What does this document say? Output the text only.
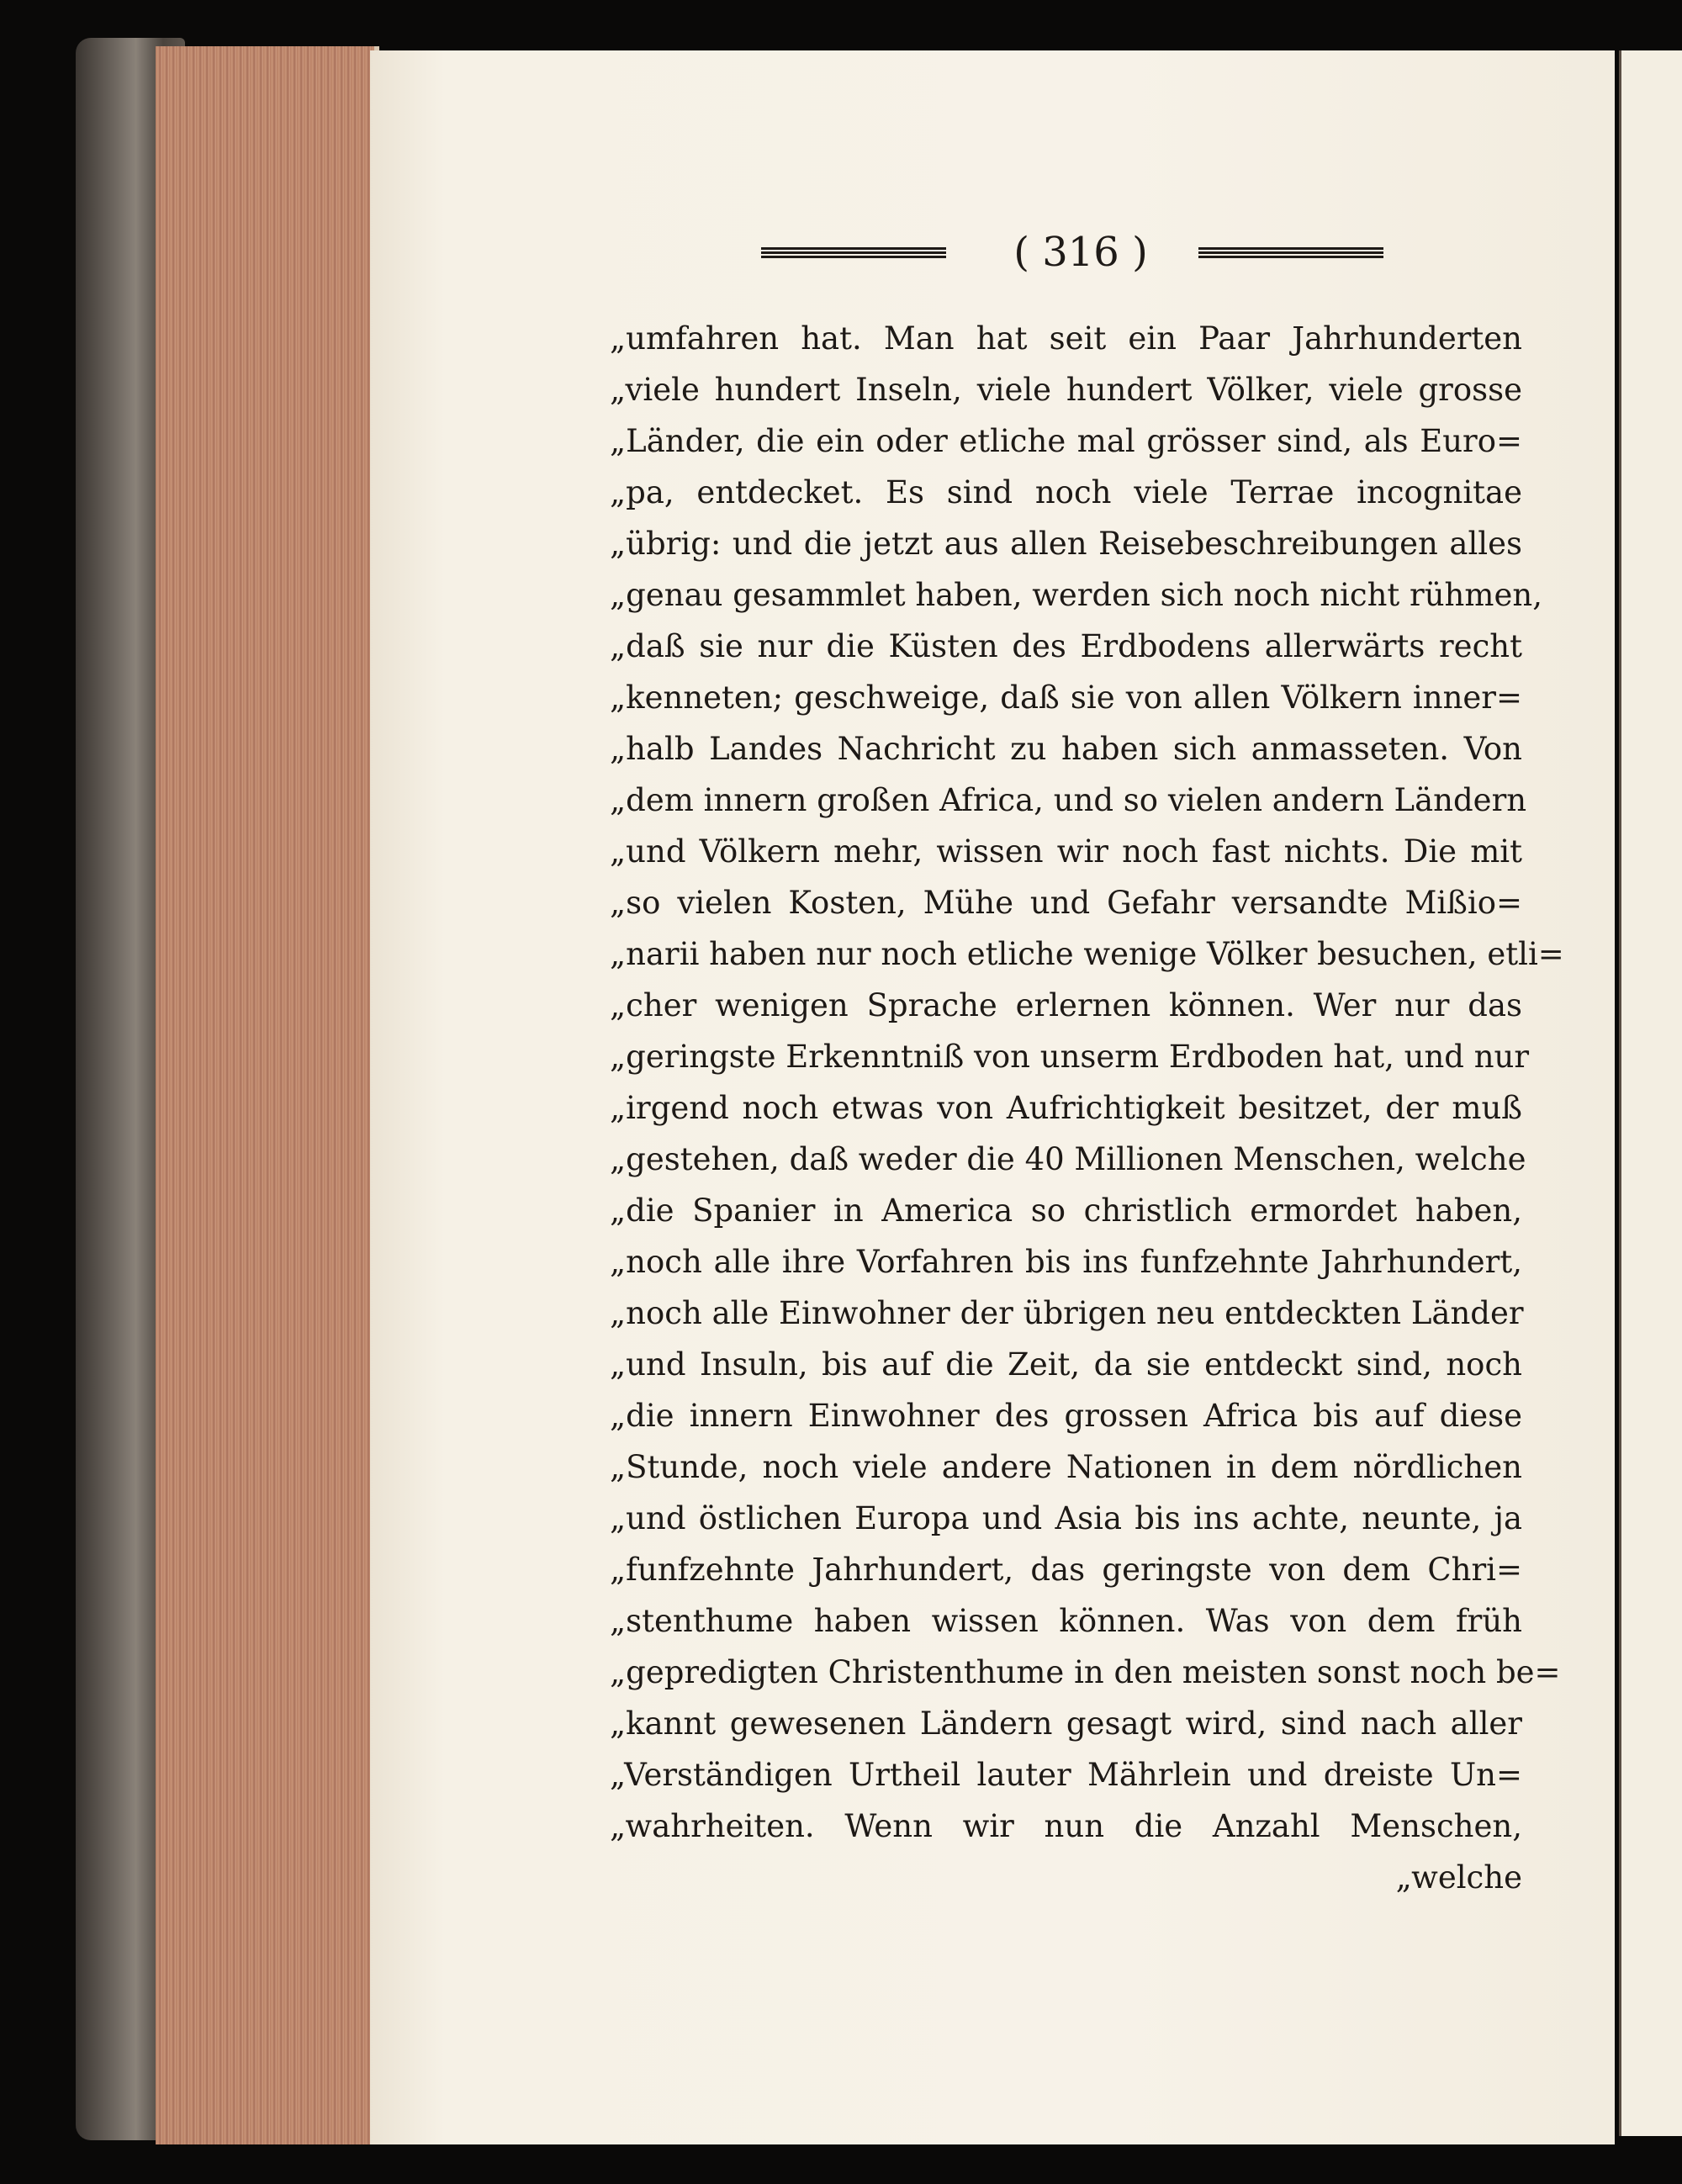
( 316 )
„umfahren hat. Man hat seit ein Paar Jahrhunderten
„viele hundert Inseln, viele hundert Völker, viele grosse
„Länder, die ein oder etliche mal grösser sind, als Euro=
„pa, entdecket. Es sind noch viele Terrae incognitae
„übrig: und die jetzt aus allen Reisebeschreibungen alles
„genau gesammlet haben, werden sich noch nicht rühmen,
„daß sie nur die Küsten des Erdbodens allerwärts recht
„kenneten; geschweige, daß sie von allen Völkern inner=
„halb Landes Nachricht zu haben sich anmasseten. Von
„dem innern großen Africa, und so vielen andern Ländern
„und Völkern mehr, wissen wir noch fast nichts. Die mit
„so vielen Kosten, Mühe und Gefahr versandte Mißio=
„narii haben nur noch etliche wenige Völker besuchen, etli=
„cher wenigen Sprache erlernen können. Wer nur das
„geringste Erkenntniß von unserm Erdboden hat, und nur
„irgend noch etwas von Aufrichtigkeit besitzet, der muß
„gestehen, daß weder die 40 Millionen Menschen, welche
„die Spanier in America so christlich ermordet haben,
„noch alle ihre Vorfahren bis ins funfzehnte Jahrhundert,
„noch alle Einwohner der übrigen neu entdeckten Länder
„und Insuln, bis auf die Zeit, da sie entdeckt sind, noch
„die innern Einwohner des grossen Africa bis auf diese
„Stunde, noch viele andere Nationen in dem nördlichen
„und östlichen Europa und Asia bis ins achte, neunte, ja
„funfzehnte Jahrhundert, das geringste von dem Chri=
„stenthume haben wissen können. Was von dem früh
„gepredigten Christenthume in den meisten sonst noch be=
„kannt gewesenen Ländern gesagt wird, sind nach aller
„Verständigen Urtheil lauter Mährlein und dreiste Un=
„wahrheiten. Wenn wir nun die Anzahl Menschen,
„welche
